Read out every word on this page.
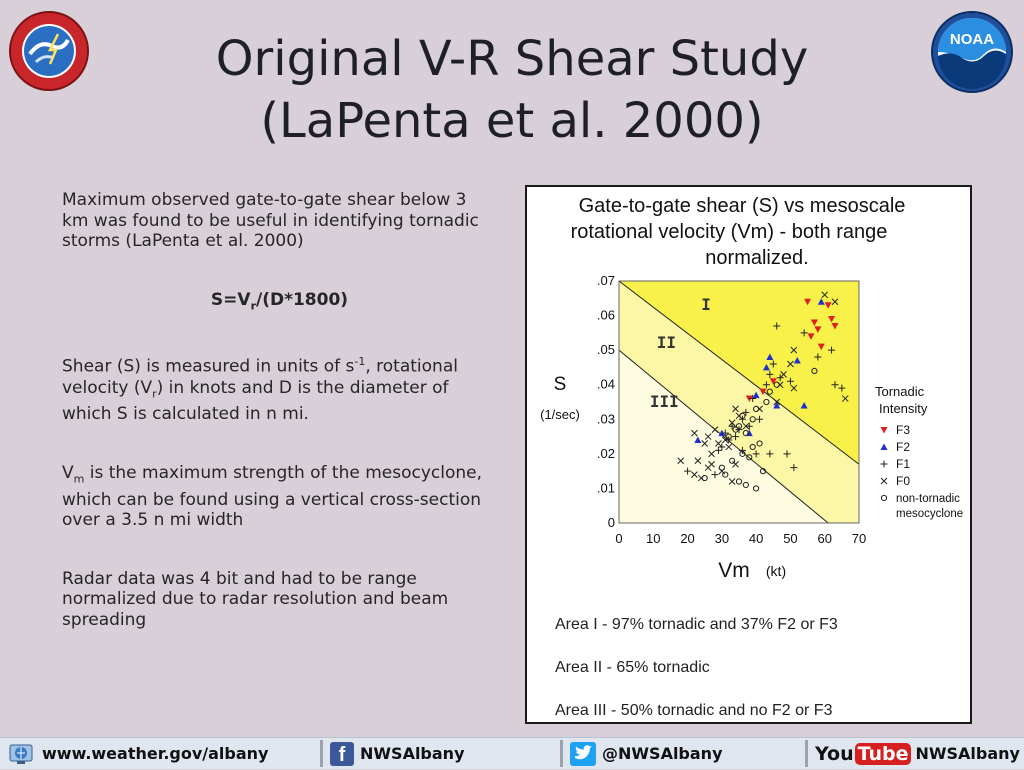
NOAA
Original V-R Shear Study
(LaPenta et al. 2000)

Maximum observed gate-to-gate shear below 3 km was found to be useful in identifying tornadic storms (LaPenta et al. 2000)

$S=V_r/(D*1800)$

Shear (S) is measured in units of $s^{-1}$, rotational velocity $(V_r)$ in knots and D is the diameter of which S is calculated in n mi.

$V_m$ is the maximum strength of the mesocyclone, which can be found using a vertical cross-section over a 3.5 n mi width

Radar data was 4 bit and had to be range normalized due to radar resolution and beam spreading

Gate-to-gate shear (S) vs mesoscale
rotational velocity (Vm) - both range
normalized.
I
II
III
0 10 20 30 40 50 60 70
0
.01
.02
.03
.04
.05
.06
.07
S
(1/sec)
Vm (kt)
Tornadic
Intensity
F3
F2
F1
F0
non-tornadic
mesocyclone
Area I - 97% tornadic and 37% F2 or F3
Area II - 65% tornadic
Area III - 50% tornadic and no F2 or F3
www.weather.gov/albany	f NWSAlbany	@NWSAlbany	You Tube NWSAlbany
